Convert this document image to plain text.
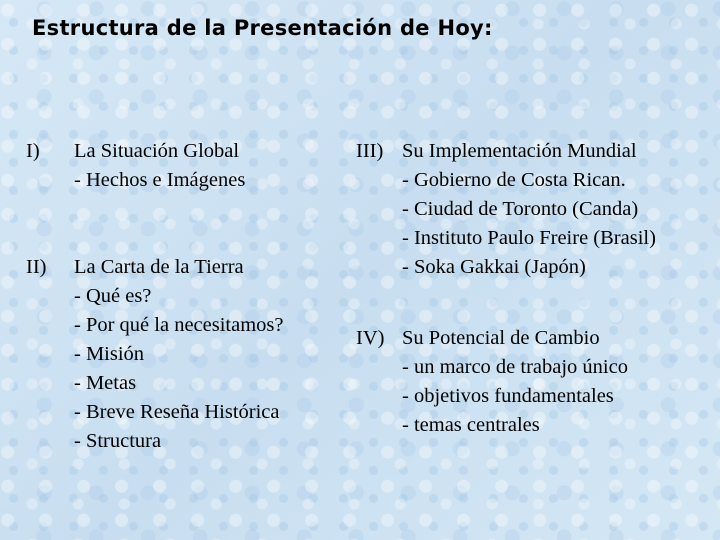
Estructura de la Presentación de Hoy:
I) La Situación Global
- Hechos e Imágenes
II) La Carta de la Tierra
- Qué es?
- Por qué la necesitamos?
- Misión
- Metas
- Breve Reseña Histórica
- Structura
III) Su Implementación Mundial
- Gobierno de Costa Rican.
- Ciudad de Toronto (Canda)
- Instituto Paulo Freire (Brasil)
- Soka Gakkai (Japón)
IV) Su Potencial de Cambio
- un marco de trabajo único
- objetivos fundamentales
- temas centrales
